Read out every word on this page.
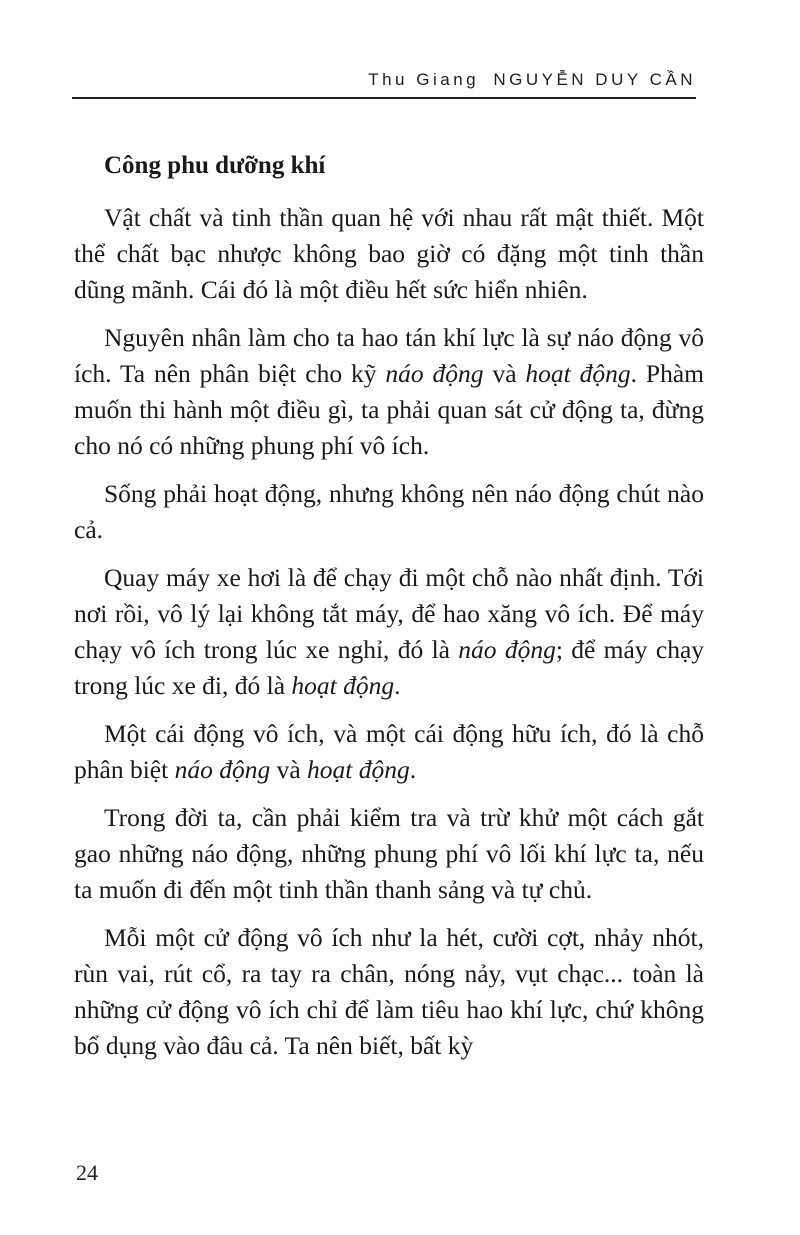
Thu Giang NGUYỄN DUY CẦN
Công phu dưỡng khí

Vật chất và tinh thần quan hệ với nhau rất mật thiết. Một thể chất bạc nhược không bao giờ có đặng một tinh thần dũng mãnh. Cái đó là một điều hết sức hiển nhiên.

Nguyên nhân làm cho ta hao tán khí lực là sự náo động vô ích. Ta nên phân biệt cho kỹ náo động và hoạt động. Phàm muốn thi hành một điều gì, ta phải quan sát cử động ta, đừng cho nó có những phung phí vô ích.

Sống phải hoạt động, nhưng không nên náo động chút nào cả.

Quay máy xe hơi là để chạy đi một chỗ nào nhất định. Tới nơi rồi, vô lý lại không tắt máy, để hao xăng vô ích. Để máy chạy vô ích trong lúc xe nghỉ, đó là náo động; để máy chạy trong lúc xe đi, đó là hoạt động.

Một cái động vô ích, và một cái động hữu ích, đó là chỗ phân biệt náo động và hoạt động.

Trong đời ta, cần phải kiểm tra và trừ khử một cách gắt gao những náo động, những phung phí vô lối khí lực ta, nếu ta muốn đi đến một tinh thần thanh sảng và tự chủ.

Mỗi một cử động vô ích như la hét, cười cợt, nhảy nhót, rùn vai, rút cổ, ra tay ra chân, nóng nảy, vụt chạc... toàn là những cử động vô ích chỉ để làm tiêu hao khí lực, chứ không bổ dụng vào đâu cả. Ta nên biết, bất kỳ

24
